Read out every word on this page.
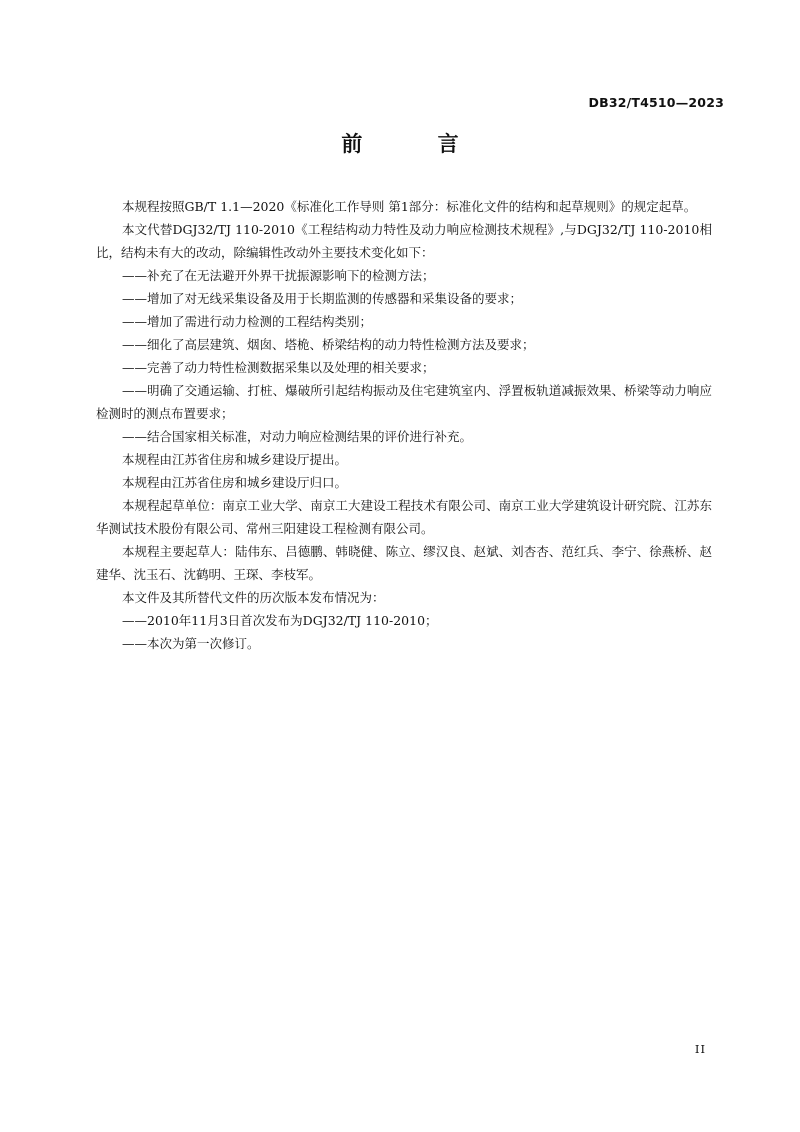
DB32/T4510—2023
前 言

本规程按照GB/T 1.1—2020《标准化工作导则 第1部分：标准化文件的结构和起草规则》的规定起草。

本文代替DGJ32/TJ 110-2010《工程结构动力特性及动力响应检测技术规程》,与DGJ32/TJ 110-2010相比，结构未有大的改动，除编辑性改动外主要技术变化如下：

——补充了在无法避开外界干扰振源影响下的检测方法；

——增加了对无线采集设备及用于长期监测的传感器和采集设备的要求；

——增加了需进行动力检测的工程结构类别；

——细化了高层建筑、烟囱、塔桅、桥梁结构的动力特性检测方法及要求；

——完善了动力特性检测数据采集以及处理的相关要求；

——明确了交通运输、打桩、爆破所引起结构振动及住宅建筑室内、浮置板轨道减振效果、桥梁等动力响应检测时的测点布置要求；

——结合国家相关标准，对动力响应检测结果的评价进行补充。

本规程由江苏省住房和城乡建设厅提出。

本规程由江苏省住房和城乡建设厅归口。

本规程起草单位：南京工业大学、南京工大建设工程技术有限公司、南京工业大学建筑设计研究院、江苏东华测试技术股份有限公司、常州三阳建设工程检测有限公司。

本规程主要起草人：陆伟东、吕德鹏、韩晓健、陈立、缪汉良、赵斌、刘杏杏、范红兵、李宁、徐燕桥、赵建华、沈玉石、沈鹤明、王琛、李枝军。

本文件及其所替代文件的历次版本发布情况为：

——2010年11月3日首次发布为DGJ32/TJ 110-2010；

——本次为第一次修订。

II
